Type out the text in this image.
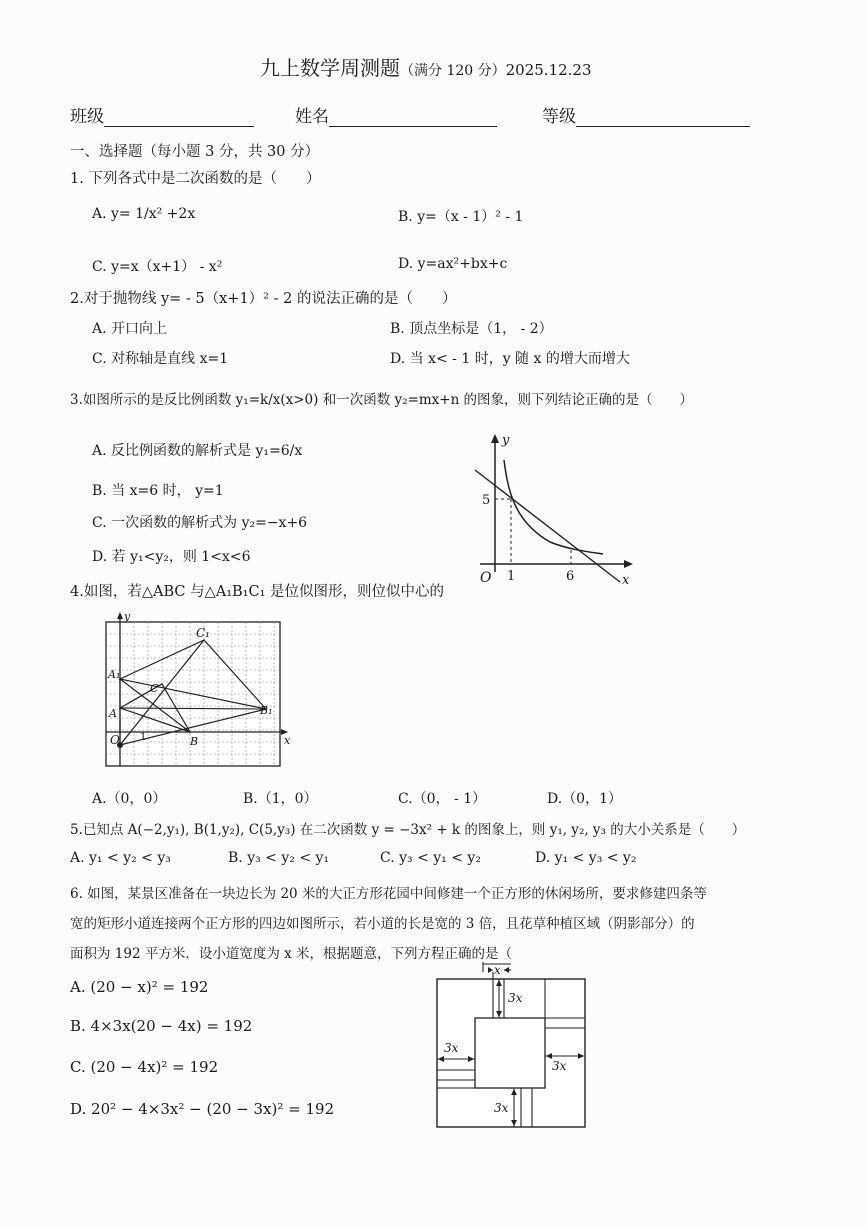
九上数学周测题（满分 120 分）2025.12.23
班级	姓名	等级
一、选择题（每小题 3 分，共 30 分）
1. 下列各式中是二次函数的是（　　）
A. y= 1/x² +2x	B. y=（x - 1）² - 1
C. y=x（x+1） - x²	D. y=ax²+bx+c
2.对于抛物线 y= - 5（x+1）² - 2 的说法正确的是（　　）
A. 开口向上	B. 顶点坐标是（1， - 2）
C. 对称轴是直线 x=1	D. 当 x< - 1 时，y 随 x 的增大而增大
3.如图所示的是反比例函数 y₁=k/x(x>0) 和一次函数 y₂=mx+n 的图象，则下列结论正确的是（　　）
A. 反比例函数的解析式是 y₁=6/x
B. 当 x=6 时， y=1
C. 一次函数的解析式为 y₂=−x+6
D. 若 y₁<y₂，则 1<x<6
y
x
O 1	6
5
4.如图，若△ABC 与△A₁B₁C₁ 是位似图形，则位似中心的
y
x
O 1
C₁
A₁
C
B₁
A
B
A.（0，0）	B.（1，0）	C.（0， - 1）	D.（0，1）
5.已知点 A(−2,y₁), B(1,y₂), C(5,y₃) 在二次函数 y = −3x² + k 的图象上，则 y₁, y₂, y₃ 的大小关系是（　　）
A. y₁ < y₂ < y₃	B. y₃ < y₂ < y₁	C. y₃ < y₁ < y₂	D. y₁ < y₃ < y₂
6. 如图，某景区准备在一块边长为 20 米的大正方形花园中间修建一个正方形的休闲场所，要求修建四条等
宽的矩形小道连接两个正方形的四边如图所示，若小道的长是宽的 3 倍，且花草种植区域（阴影部分）的
面积为 192 平方米．设小道宽度为 x 米，根据题意，下列方程正确的是（
A. (20 − x)² = 192
B. 4×3x(20 − 4x) = 192
C. (20 − 4x)² = 192
D. 20² − 4×3x² − (20 − 3x)² = 192
x
3x
3x
3x
3x
